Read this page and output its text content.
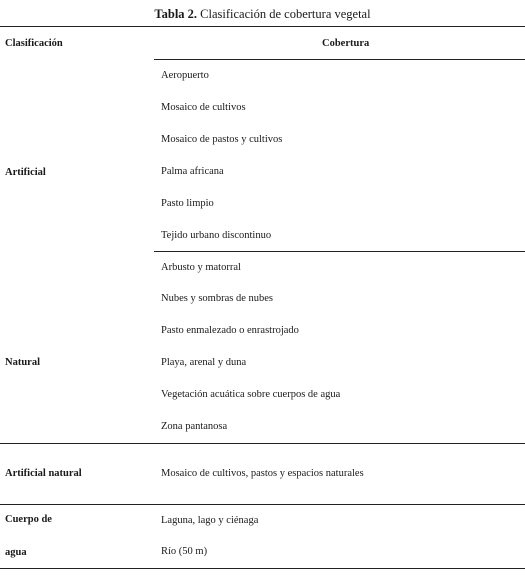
Tabla 2. Clasificación de cobertura vegetal
Clasificación	Cobertura
Artificial
Aeropuerto
Mosaico de cultivos
Mosaico de pastos y cultivos
Palma africana
Pasto limpio
Tejido urbano discontinuo
Natural
Arbusto y matorral
Nubes y sombras de nubes
Pasto enmalezado o enrastrojado
Playa, arenal y duna
Vegetación acuática sobre cuerpos de agua
Zona pantanosa
Artificial natural	Mosaico de cultivos, pastos y espacios naturales
Cuerpo de
agua
Laguna, lago y ciénaga
Río (50 m)
